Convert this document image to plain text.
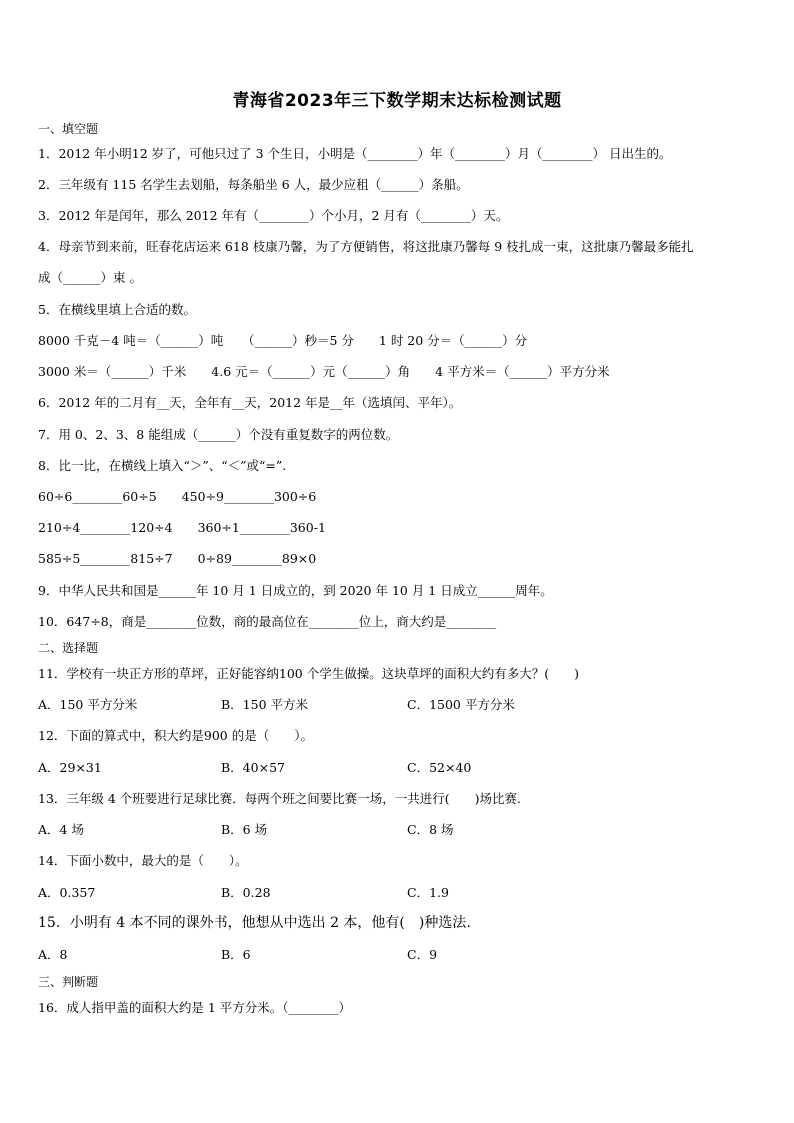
青海省2023年三下数学期末达标检测试题
一、填空题
1．2012 年小明12 岁了，可他只过了 3 个生日，小明是（________）年（________）月（________） 日出生的。
2．三年级有 115 名学生去划船，每条船坐 6 人，最少应租（______）条船。
3．2012 年是闰年，那么 2012 年有（________）个小月，2 月有（________）天。
4．母亲节到来前，旺春花店运来 618 枝康乃馨，为了方便销售，将这批康乃馨每 9 枝扎成一束，这批康乃馨最多能扎
成（______）束 。
5．在横线里填上合适的数。
8000 千克－4 吨＝（______）吨　　（______）秒＝5 分　　1 时 20 分＝（______）分
3000 米＝（______）千米　　4.6 元＝（______）元（______）角　　4 平方米＝（______）平方分米
6．2012 年的二月有__天，全年有__天，2012 年是__年（选填闰、平年）。
7．用 0、2、3、8 能组成（______）个没有重复数字的两位数。
8．比一比，在横线上填入“＞”、“＜”或“=”.
60÷6________60÷5　　450÷9________300÷6
210÷4________120÷4　　360÷1________360-1
585÷5________815÷7　　0÷89________89×0
9．中华人民共和国是______年 10 月 1 日成立的，到 2020 年 10 月 1 日成立______周年。
10．647÷8，商是________位数，商的最高位在________位上，商大约是________
二、选择题
11．学校有一块正方形的草坪，正好能容纳100 个学生做操。这块草坪的面积大约有多大？(　　)
A．150 平方分米	B．150 平方米	C．1500 平方分米
12．下面的算式中，积大约是900 的是（　　）。
A．29×31	B．40×57	C．52×40
13．三年级 4 个班要进行足球比赛．每两个班之间要比赛一场，一共进行(　　)场比赛.
A．4 场	B．6 场	C．8 场
14．下面小数中，最大的是（　　）。
A．0.357	B．0.28	C．1.9
15．小明有 4 本不同的课外书，他想从中选出 2 本，他有(　)种选法.
A．8	B．6	C．9
三、判断题
16．成人指甲盖的面积大约是 1 平方分米。（________）
